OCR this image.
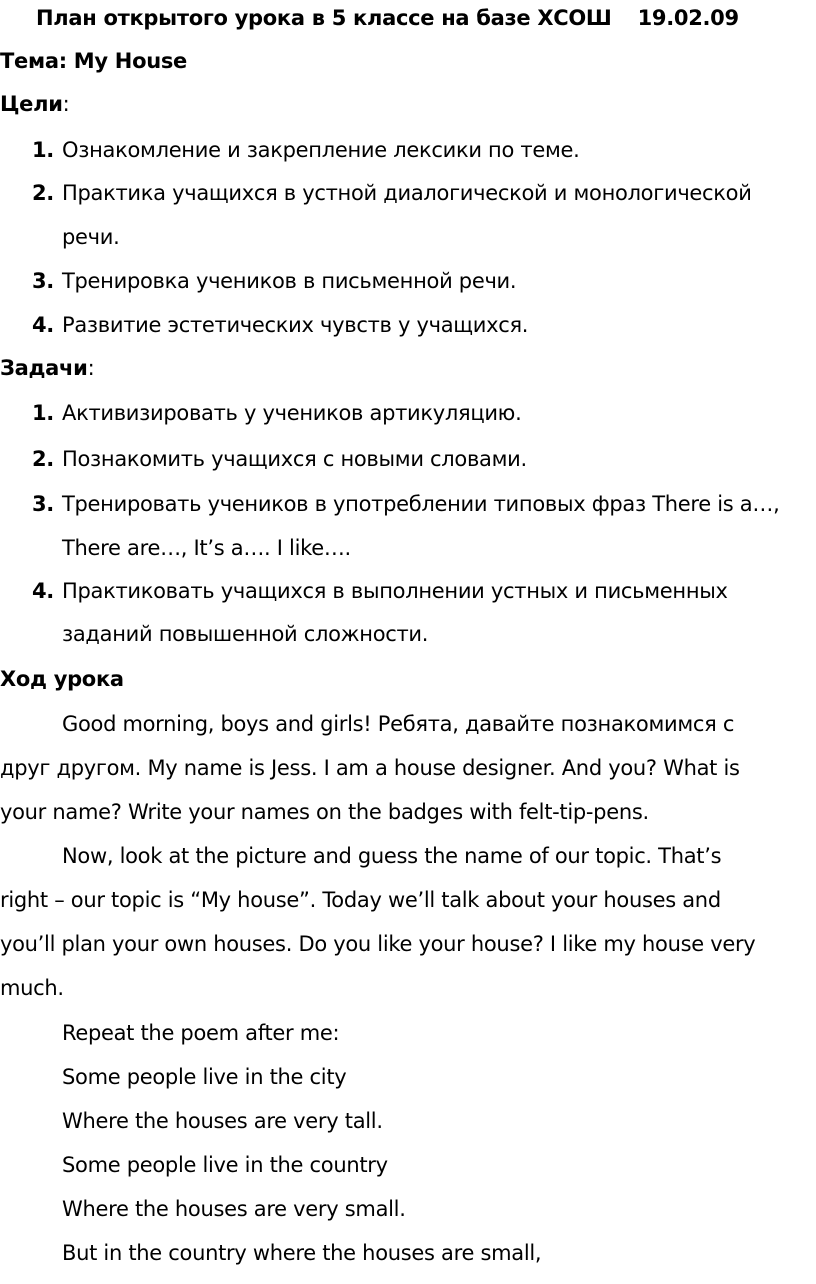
План открытого урока в 5 классе на базе ХСОШ 19.02.09
Тема: My House
Цели:
1. Ознакомление и закрепление лексики по теме.
2. Практика учащихся в устной диалогической и монологической
речи.
3. Тренировка учеников в письменной речи.
4. Развитие эстетических чувств у учащихся.
Задачи:
1. Активизировать у учеников артикуляцию.
2. Познакомить учащихся с новыми словами.
3. Тренировать учеников в употреблении типовых фраз There is a…,
There are…, It’s a…. I like….
4. Практиковать учащихся в выполнении устных и письменных
заданий повышенной сложности.
Ход урока
Good morning, boys and girls! Ребята, давайте познакомимся с
друг другом. My name is Jess. I am a house designer. And you? What is
your name? Write your names on the badges with felt-tip-pens.
Now, look at the picture and guess the name of our topic. That’s
right – our topic is “My house”. Today we’ll talk about your houses and
you’ll plan your own houses. Do you like your house? I like my house very
much.
Repeat the poem after me:
Some people live in the city
Where the houses are very tall.
Some people live in the country
Where the houses are very small.
But in the country where the houses are small,
